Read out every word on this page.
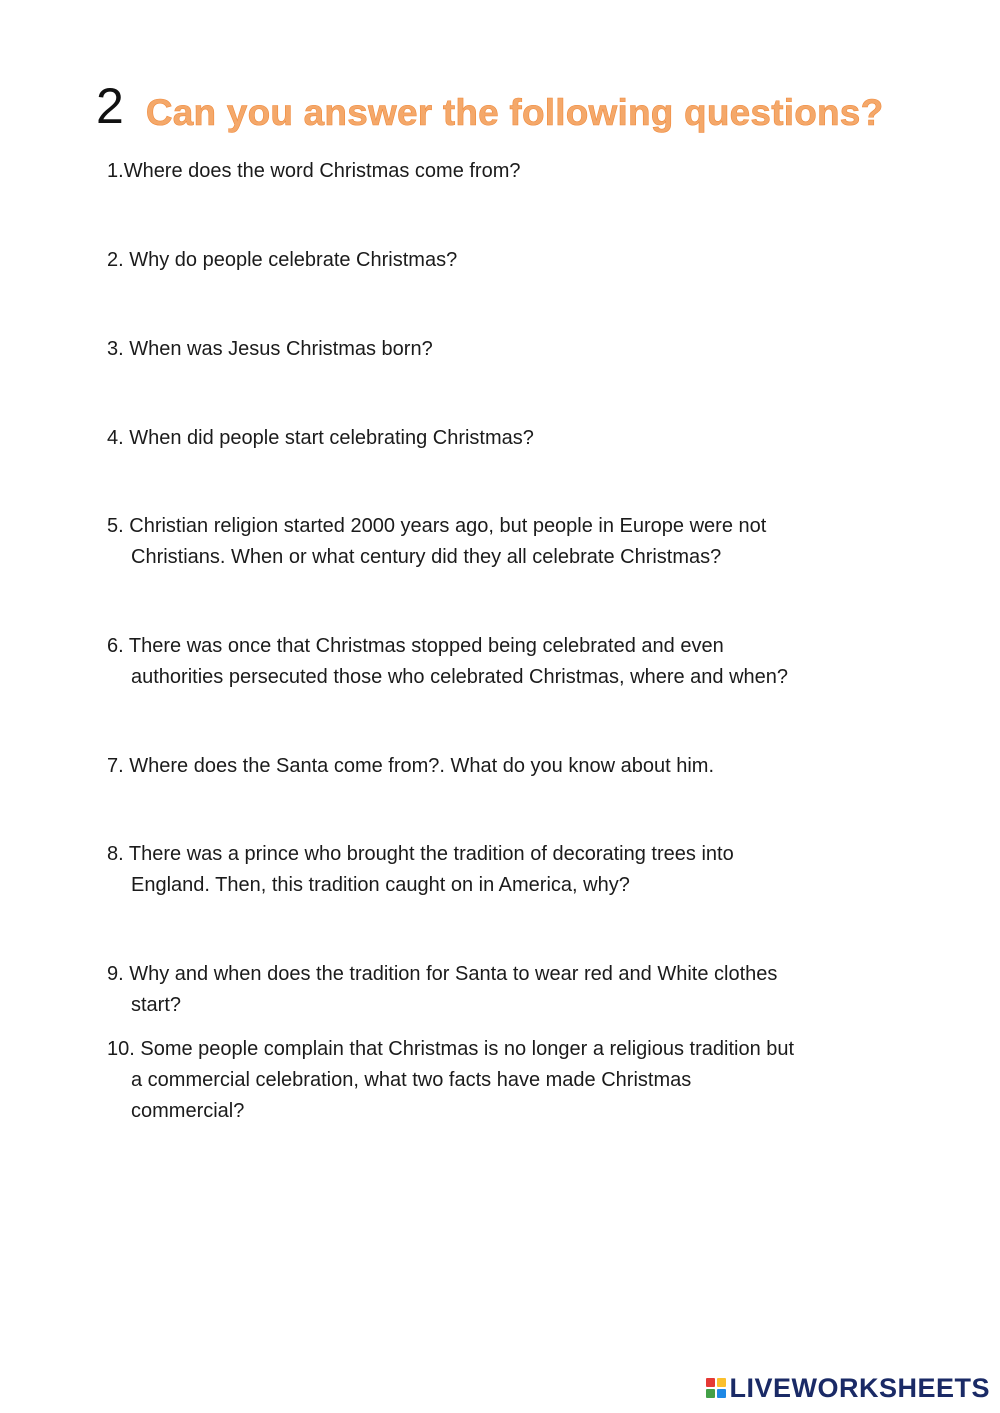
2 Can you answer the following questions?
1.Where does the word Christmas come from?
2. Why do people celebrate Christmas?
3. When was Jesus Christmas born?
4. When did people start celebrating Christmas?
5. Christian religion started 2000 years ago, but people in Europe were not
Christians. When or what century did they all celebrate Christmas?
6. There was once that Christmas stopped being celebrated and even
authorities persecuted those who celebrated Christmas, where and when?
7. Where does the Santa come from?. What do you know about him.
8. There was a prince who brought the tradition of decorating trees into
England. Then, this tradition caught on in America, why?
9. Why and when does the tradition for Santa to wear red and White clothes
start?
10. Some people complain that Christmas is no longer a religious tradition but
a commercial celebration, what two facts have made Christmas
commercial?
LIVEWORKSHEETS
